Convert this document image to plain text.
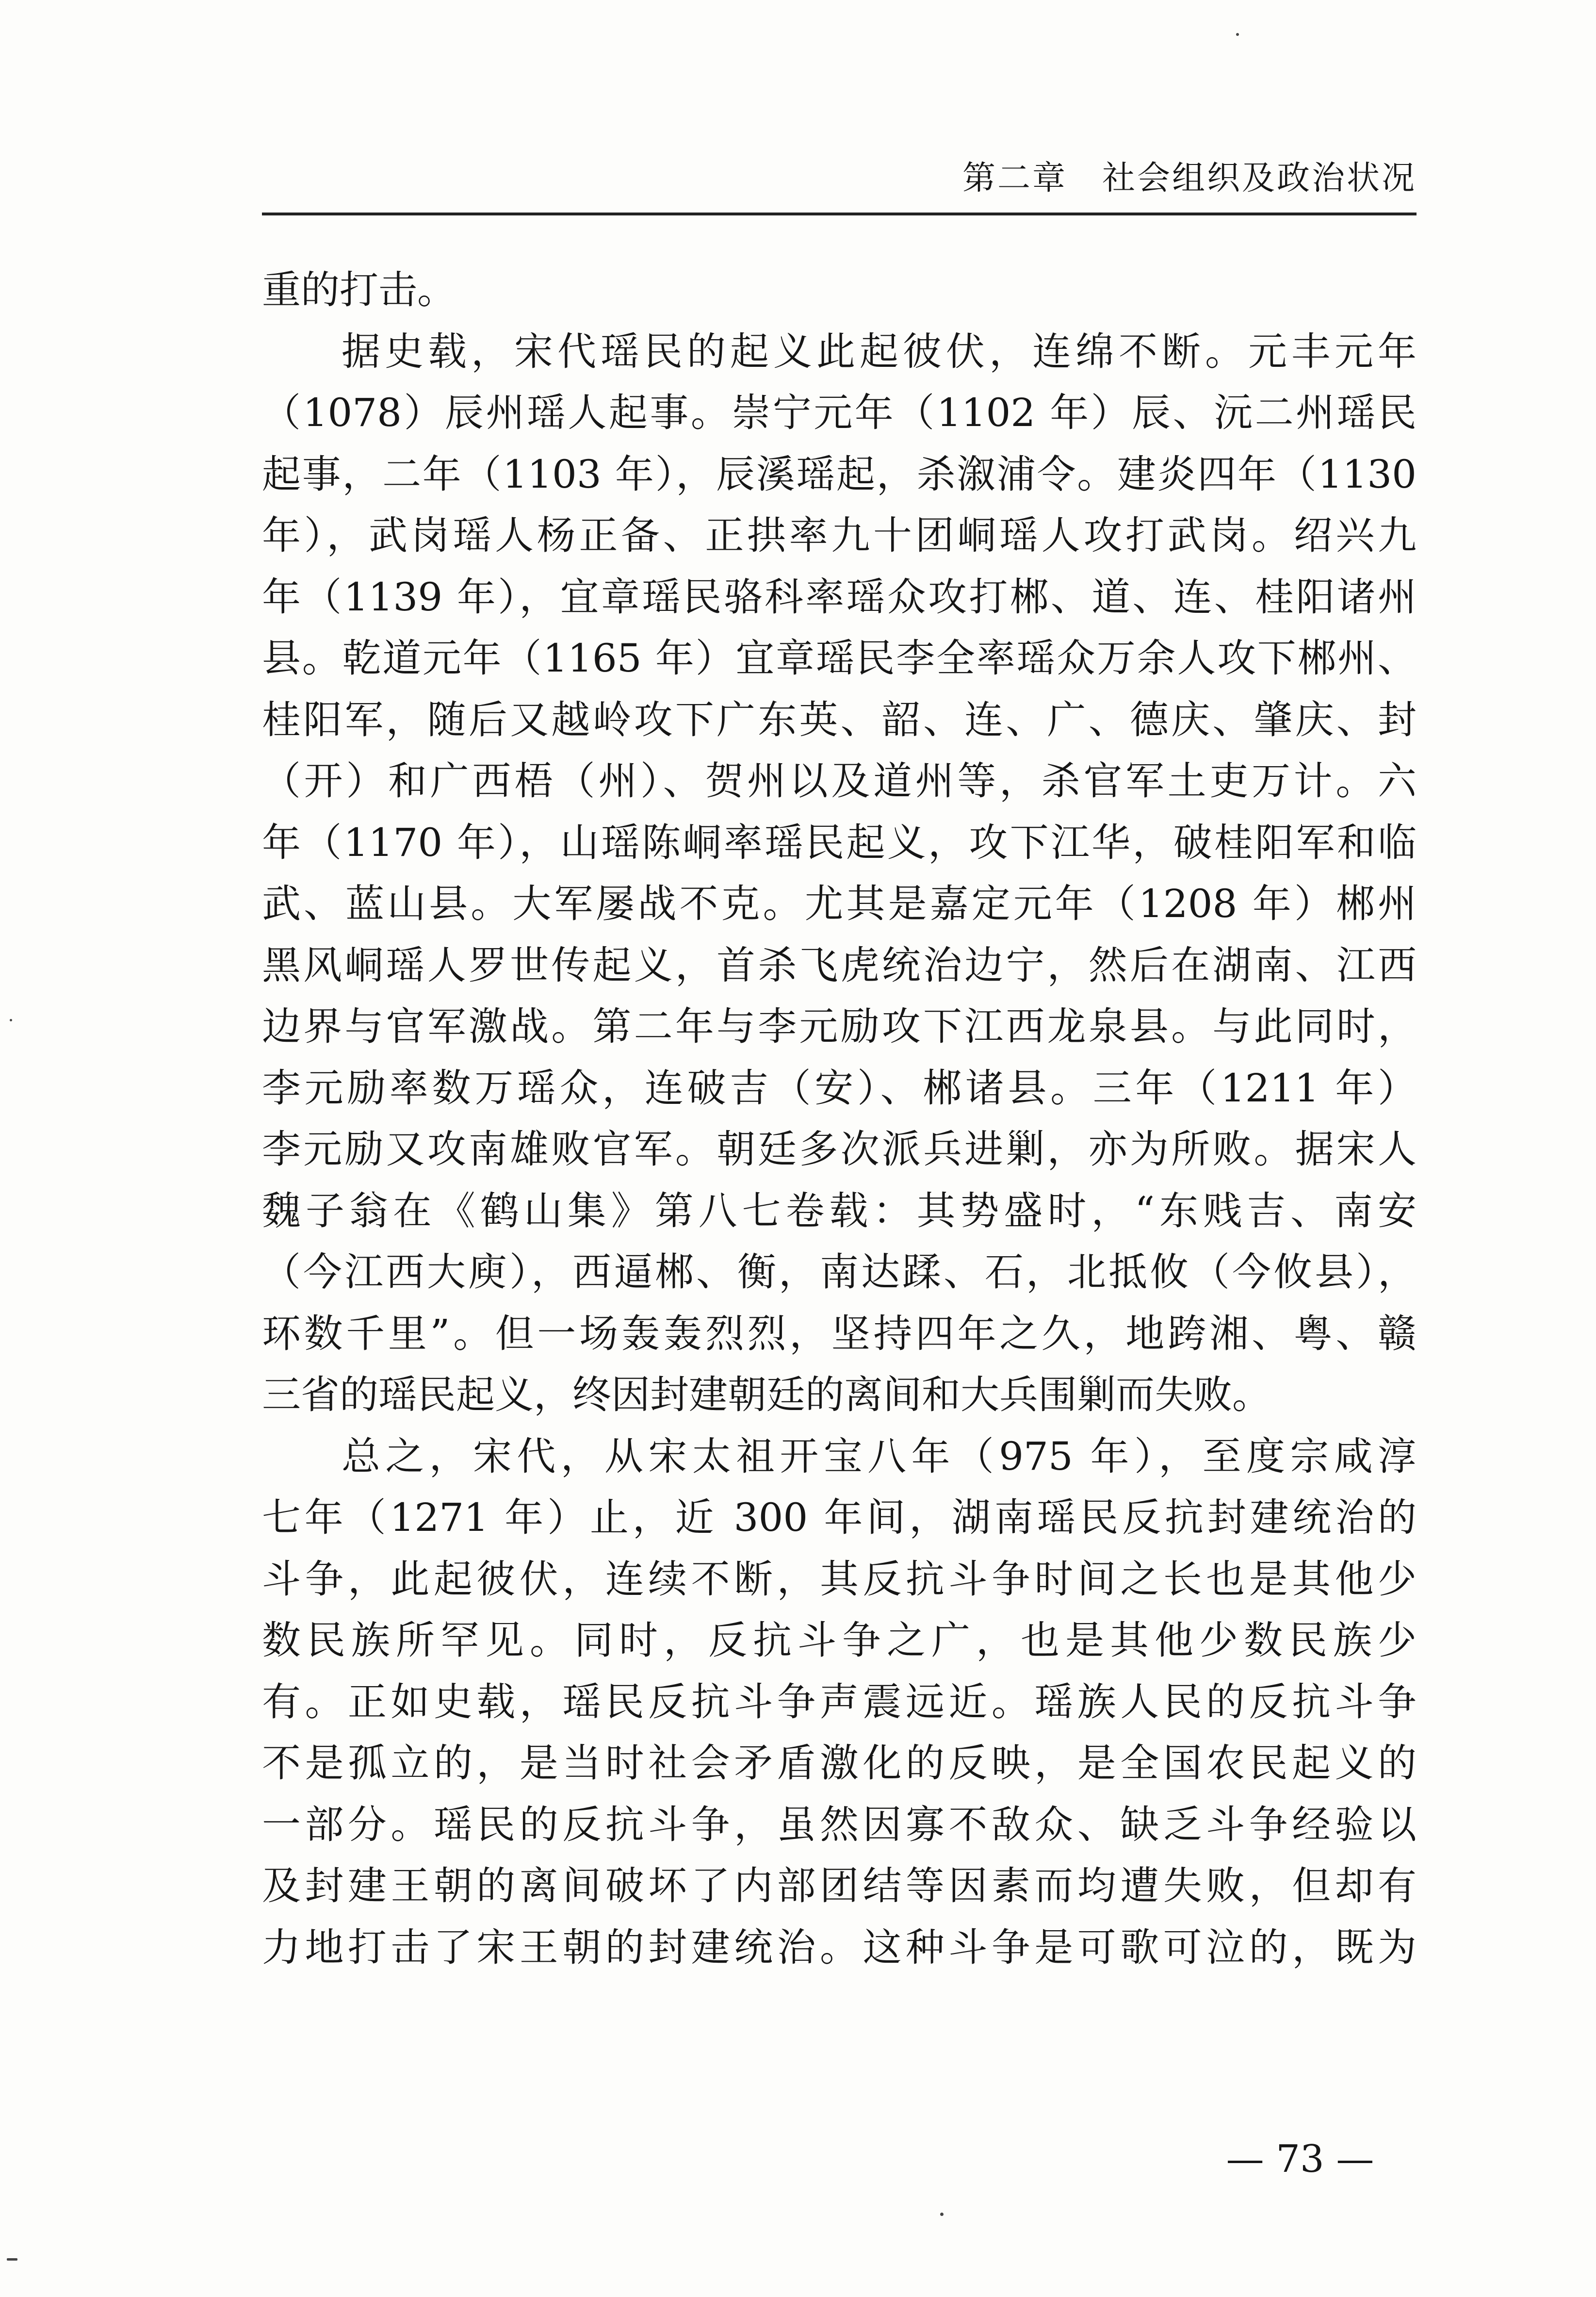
第二章　社会组织及政治状况
重的打击。
据史载，宋代瑶民的起义此起彼伏，连绵不断。元丰元年
（1078）辰州瑶人起事。崇宁元年（1102 年）辰、沅二州瑶民
起事，二年（1103 年），辰溪瑶起，杀溆浦令。建炎四年（1130
年），武岗瑶人杨正备、正拱率九十团峒瑶人攻打武岗。绍兴九
年（1139 年），宜章瑶民骆科率瑶众攻打郴、道、连、桂阳诸州
县。乾道元年（1165 年）宜章瑶民李全率瑶众万余人攻下郴州、
桂阳军，随后又越岭攻下广东英、韶、连、广、德庆、肇庆、封
（开）和广西梧（州）、贺州以及道州等，杀官军土吏万计。六
年（1170 年），山瑶陈峒率瑶民起义，攻下江华，破桂阳军和临
武、蓝山县。大军屡战不克。尤其是嘉定元年（1208 年）郴州
黑风峒瑶人罗世传起义，首杀飞虎统治边宁，然后在湖南、江西
边界与官军激战。第二年与李元励攻下江西龙泉县。与此同时，
李元励率数万瑶众，连破吉（安）、郴诸县。三年（1211 年）
李元励又攻南雄败官军。朝廷多次派兵进剿，亦为所败。据宋人
魏子翁在《鹤山集》第八七卷载：其势盛时，“东贱吉、南安
（今江西大庾），西逼郴、衡，南达蹂、石，北抵攸（今攸县），
环数千里”。但一场轰轰烈烈，坚持四年之久，地跨湘、粤、赣
三省的瑶民起义，终因封建朝廷的离间和大兵围剿而失败。
总之，宋代，从宋太祖开宝八年（975 年），至度宗咸淳
七年（1271 年）止，近 300 年间，湖南瑶民反抗封建统治的
斗争，此起彼伏，连续不断，其反抗斗争时间之长也是其他少
数民族所罕见。同时，反抗斗争之广，也是其他少数民族少
有。正如史载，瑶民反抗斗争声震远近。瑶族人民的反抗斗争
不是孤立的，是当时社会矛盾激化的反映，是全国农民起义的
一部分。瑶民的反抗斗争，虽然因寡不敌众、缺乏斗争经验以
及封建王朝的离间破坏了内部团结等因素而均遭失败，但却有
力地打击了宋王朝的封建统治。这种斗争是可歌可泣的，既为
— 73 —
